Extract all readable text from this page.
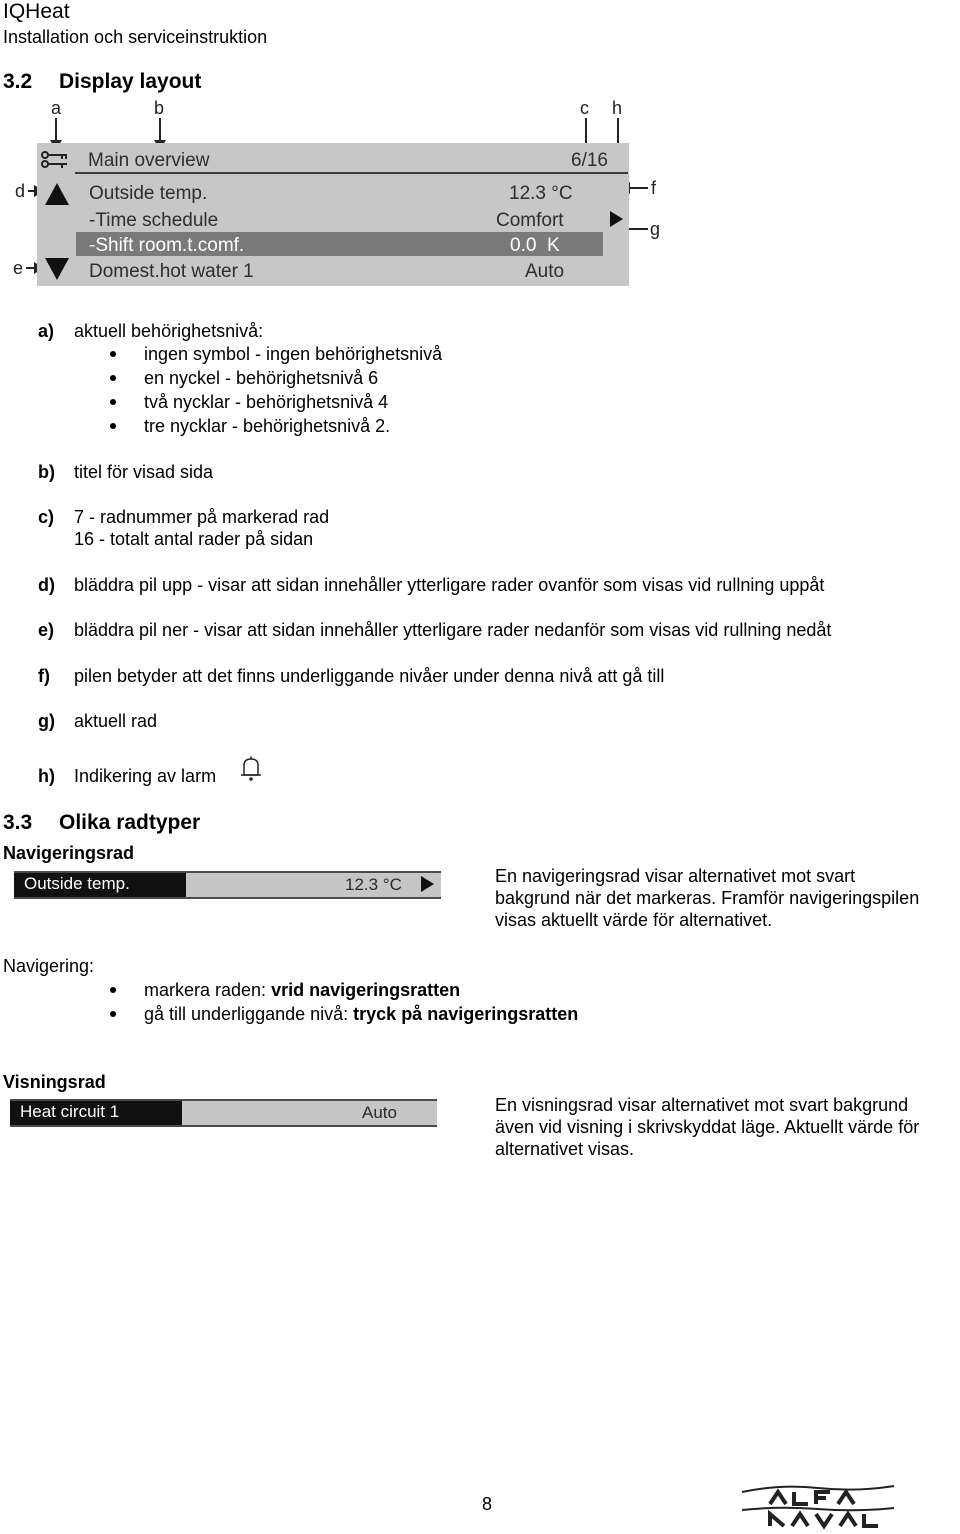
IQHeat
Installation och serviceinstruktion
3.2 Display layout
a	b	c h
d
e
f
g
Main overview	6/16
Outside temp.	12.3 °C
-Time schedule	Comfort
-Shift room.t.comf.	0.0  K
Domest.hot water 1	Auto
a) aktuell behörighetsnivå:
ingen symbol - ingen behörighetsnivå
en nyckel - behörighetsnivå 6
två nycklar - behörighetsnivå 4
tre nycklar - behörighetsnivå 2.
b) titel för visad sida
c) 7 - radnummer på markerad rad
16 - totalt antal rader på sidan
d) bläddra pil upp - visar att sidan innehåller ytterligare rader ovanför som visas vid rullning uppåt
e) bläddra pil ner - visar att sidan innehåller ytterligare rader nedanför som visas vid rullning nedåt
f) pilen betyder att det finns underliggande nivåer under denna nivå att gå till
g) aktuell rad
h) Indikering av larm
3.3 Olika radtyper
Navigeringsrad
Outside temp.	12.3 °C	En navigeringsrad visar alternativet mot svart
bakgrund när det markeras. Framför navigeringspilen
visas aktuellt värde för alternativet.
Navigering:
markera raden: vrid navigeringsratten
gå till underliggande nivå: tryck på navigeringsratten
Visningsrad
Heat circuit 1	Auto	En visningsrad visar alternativet mot svart bakgrund
även vid visning i skrivskyddat läge. Aktuellt värde för
alternativet visas.
8
